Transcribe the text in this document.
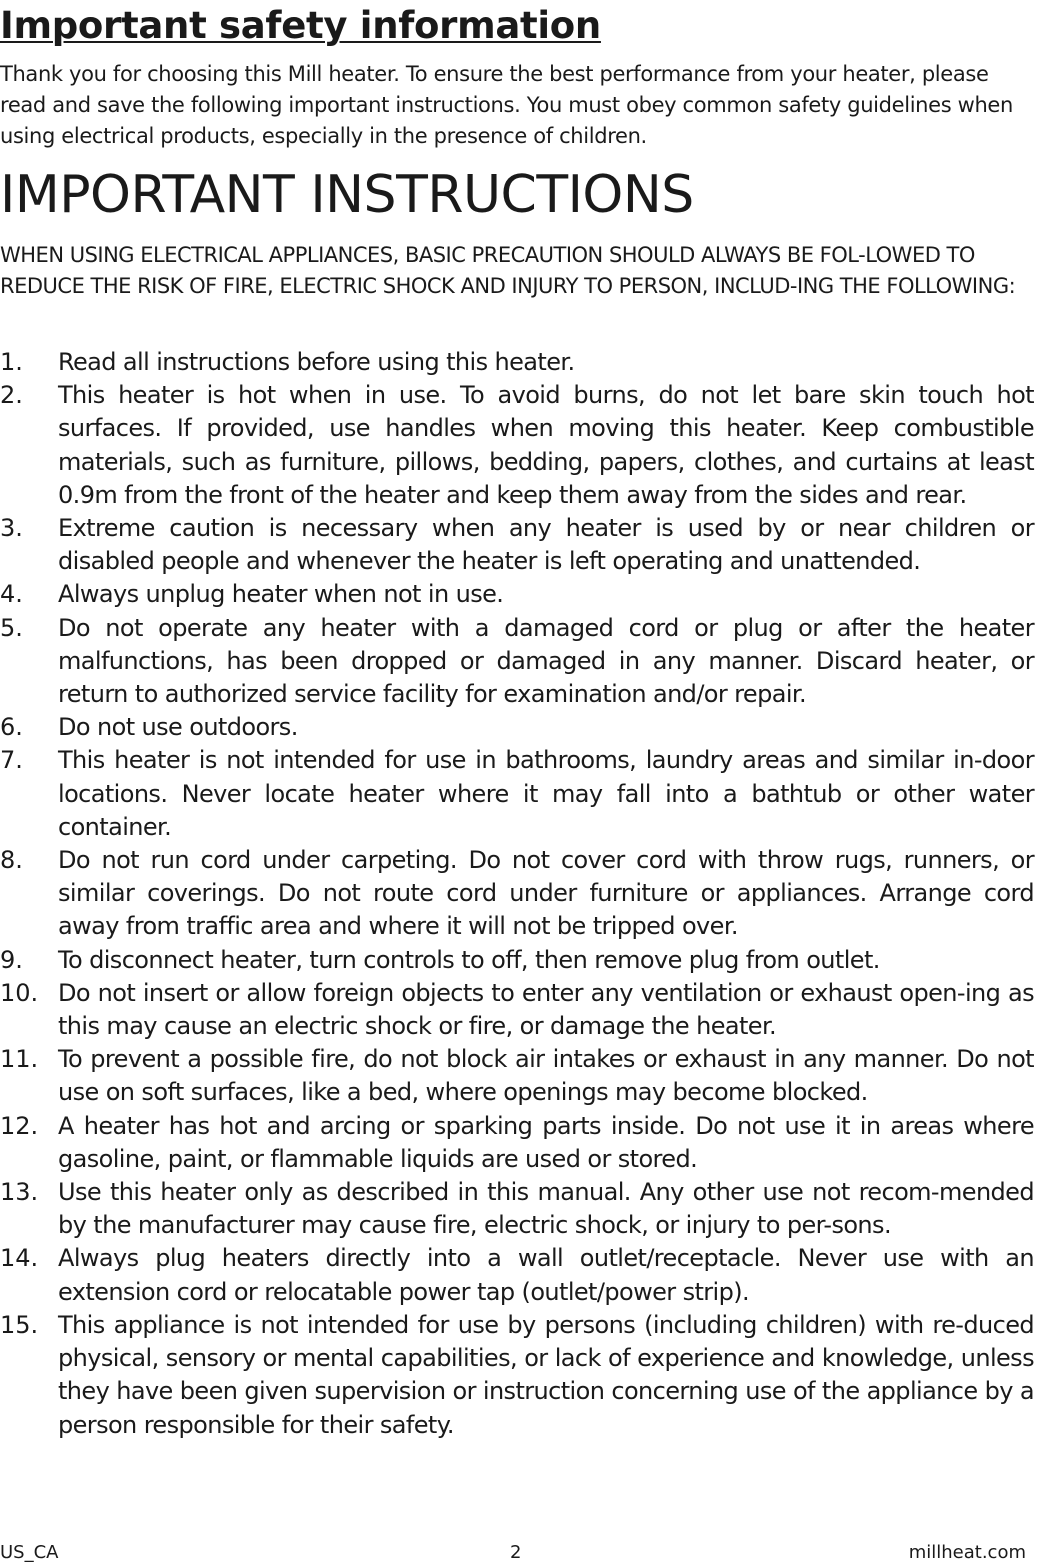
Important safety information

Thank you for choosing this Mill heater. To ensure the best performance from your heater, please read and save the following important instructions. You must obey common safety guidelines when using electrical products, especially in the presence of children.

IMPORTANT INSTRUCTIONS

WHEN USING ELECTRICAL APPLIANCES, BASIC PRECAUTION SHOULD ALWAYS BE FOL-LOWED TO REDUCE THE RISK OF FIRE, ELECTRIC SHOCK AND INJURY TO PERSON, INCLUD-ING THE FOLLOWING:

1.	Read all instructions before using this heater.
2.	This heater is hot when in use. To avoid burns, do not let bare skin touch hot surfaces. If provided, use handles when moving this heater. Keep combustible materials, such as furniture, pillows, bedding, papers, clothes, and curtains at least 0.9m from the front of the heater and keep them away from the sides and rear.
3.	Extreme caution is necessary when any heater is used by or near children or disabled people and whenever the heater is left operating and unattended.
4.	Always unplug heater when not in use.
5.	Do not operate any heater with a damaged cord or plug or after the heater malfunctions, has been dropped or damaged in any manner. Discard heater, or return to authorized service facility for examination and/or repair.
6.	Do not use outdoors.
7.	This heater is not intended for use in bathrooms, laundry areas and similar in-door locations. Never locate heater where it may fall into a bathtub or other water container.
8.	Do not run cord under carpeting. Do not cover cord with throw rugs, runners, or similar coverings. Do not route cord under furniture or appliances. Arrange cord away from traffic area and where it will not be tripped over.
9.	To disconnect heater, turn controls to off, then remove plug from outlet.
10. Do not insert or allow foreign objects to enter any ventilation or exhaust open-ing as this may cause an electric shock or fire, or damage the heater.
11. To prevent a possible fire, do not block air intakes or exhaust in any manner. Do not use on soft surfaces, like a bed, where openings may become blocked.
12. A heater has hot and arcing or sparking parts inside. Do not use it in areas where gasoline, paint, or flammable liquids are used or stored.
13. Use this heater only as described in this manual. Any other use not recom-mended by the manufacturer may cause fire, electric shock, or injury to per-sons.
14. Always plug heaters directly into a wall outlet/receptacle. Never use with an extension cord or relocatable power tap (outlet/power strip).
15. This appliance is not intended for use by persons (including children) with re-duced physical, sensory or mental capabilities, or lack of experience and knowledge, unless they have been given supervision or instruction concerning use of the appliance by a person responsible for their safety.
US_CA	2	millheat.com
